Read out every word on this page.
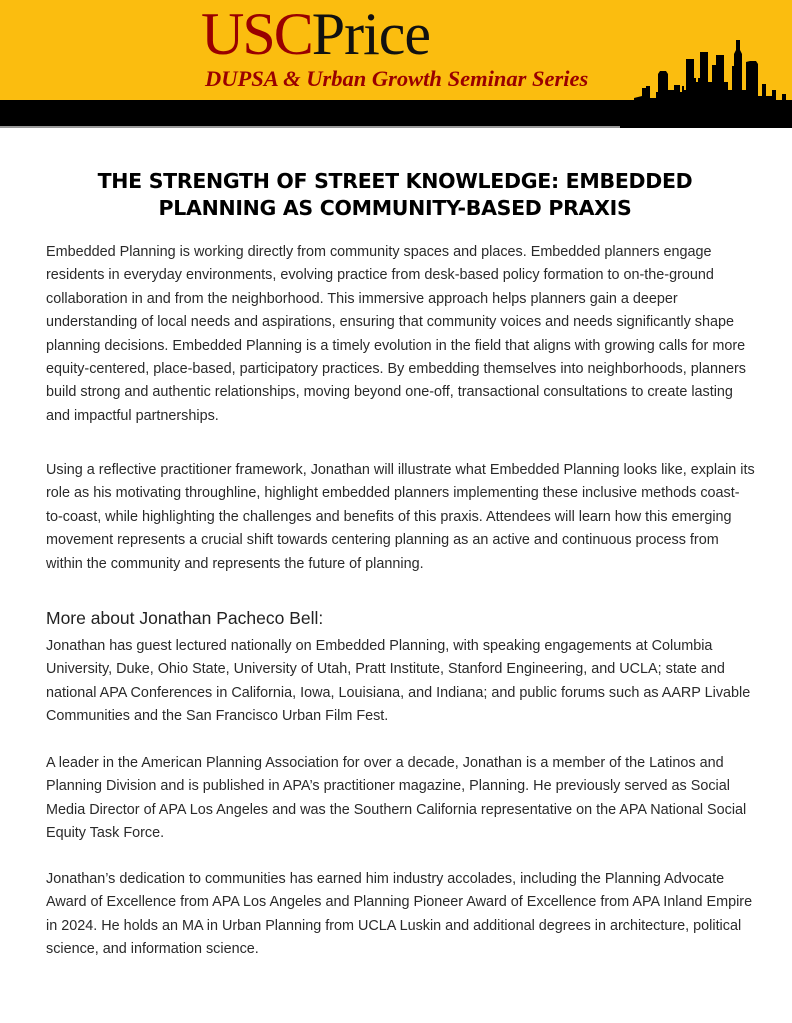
USCPrice
DUPSA & Urban Growth Seminar Series
THE STRENGTH OF STREET KNOWLEDGE: EMBEDDED
PLANNING AS COMMUNITY-BASED PRAXIS

Embedded Planning is working directly from community spaces and places. Embedded planners engage residents in everyday environments, evolving practice from desk-based policy formation to on-the-ground collaboration in and from the neighborhood. This immersive approach helps planners gain a deeper understanding of local needs and aspirations, ensuring that community voices and needs significantly shape planning decisions. Embedded Planning is a timely evolution in the field that aligns with growing calls for more equity-centered, place-based, participatory practices. By embedding themselves into neighborhoods, planners build strong and authentic relationships, moving beyond one-off, transactional consultations to create lasting and impactful partnerships.

Using a reflective practitioner framework, Jonathan will illustrate what Embedded Planning looks like, explain its role as his motivating throughline, highlight embedded planners implementing these inclusive methods coast-to-coast, while highlighting the challenges and benefits of this praxis. Attendees will learn how this emerging movement represents a crucial shift towards centering planning as an active and continuous process from within the community and represents the future of planning.

More about Jonathan Pacheco Bell:

Jonathan has guest lectured nationally on Embedded Planning, with speaking engagements at Columbia University, Duke, Ohio State, University of Utah, Pratt Institute, Stanford Engineering, and UCLA; state and national APA Conferences in California, Iowa, Louisiana, and Indiana; and public forums such as AARP Livable Communities and the San Francisco Urban Film Fest.

A leader in the American Planning Association for over a decade, Jonathan is a member of the Latinos and Planning Division and is published in APA’s practitioner magazine, Planning. He previously served as Social Media Director of APA Los Angeles and was the Southern California representative on the APA National Social Equity Task Force.

Jonathan’s dedication to communities has earned him industry accolades, including the Planning Advocate Award of Excellence from APA Los Angeles and Planning Pioneer Award of Excellence from APA Inland Empire in 2024. He holds an MA in Urban Planning from UCLA Luskin and additional degrees in architecture, political science, and information science.
